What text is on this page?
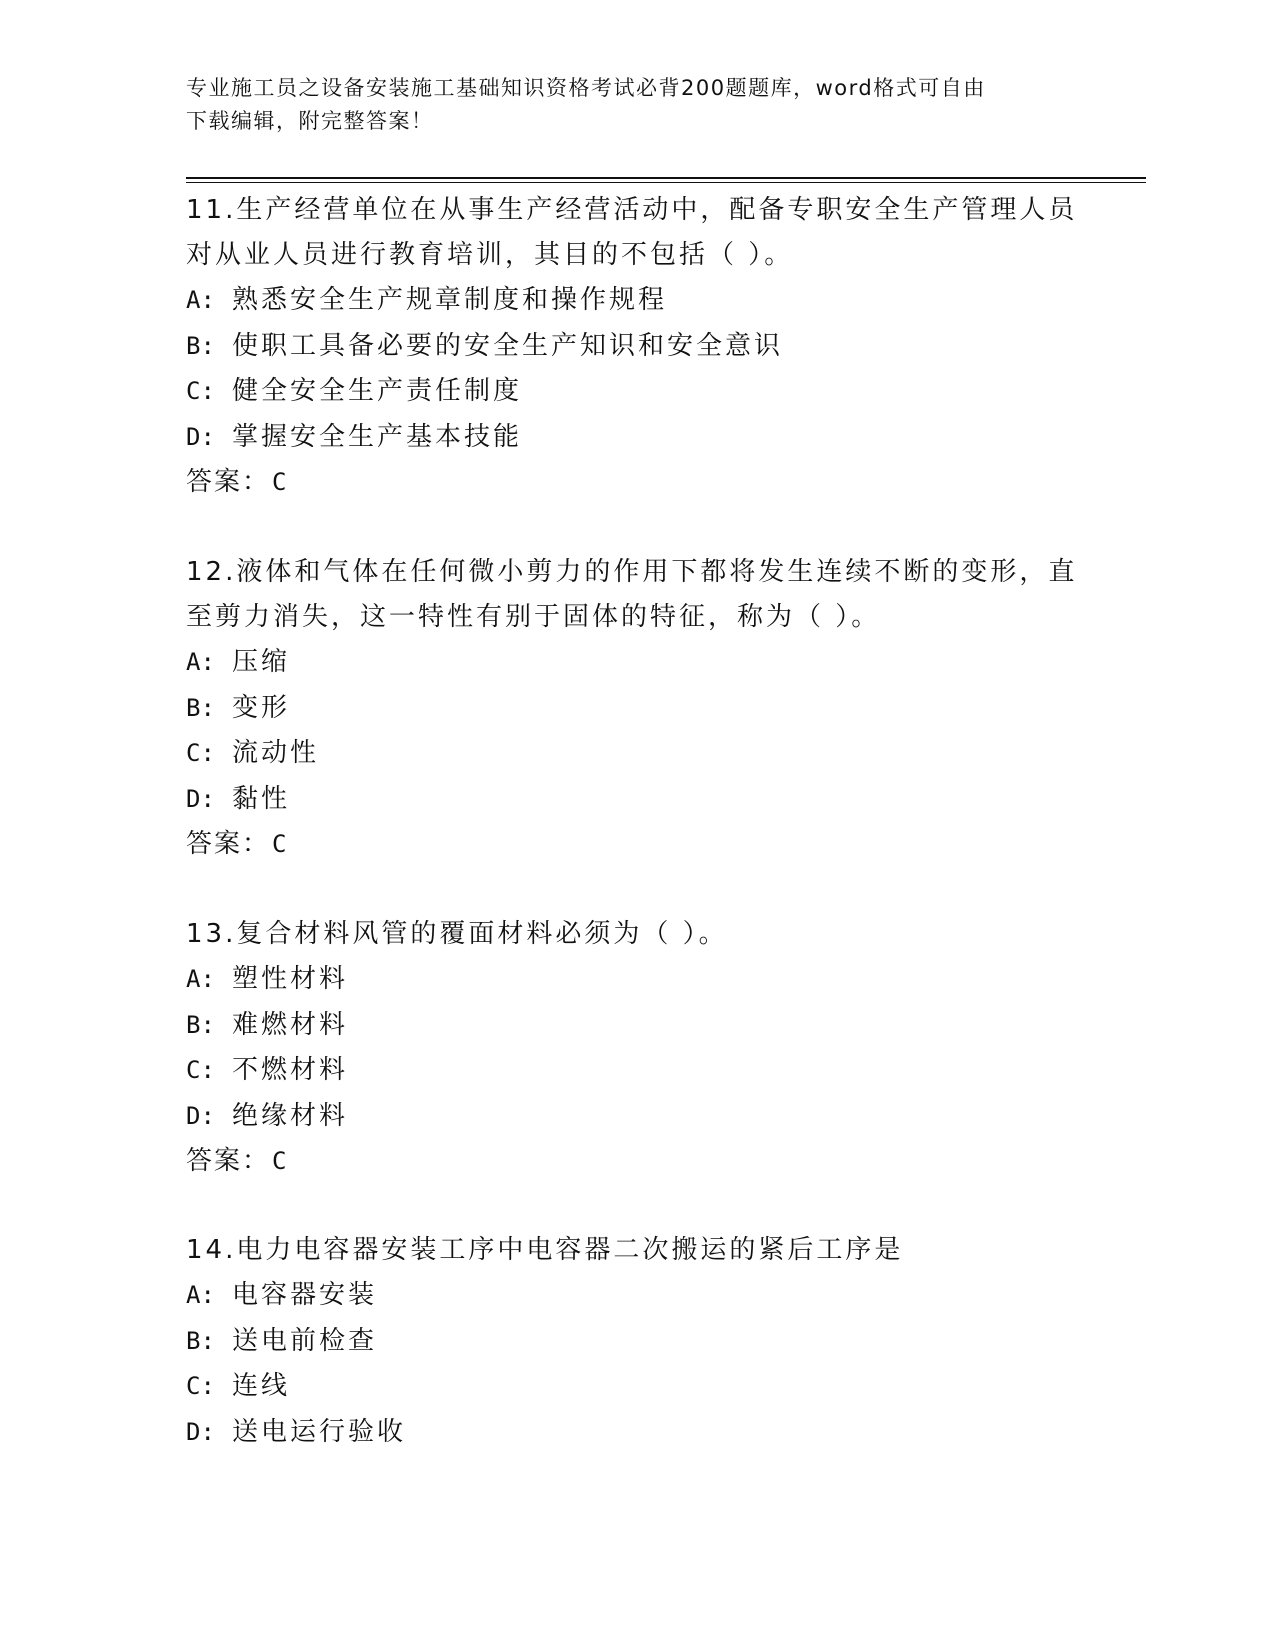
专业施工员之设备安装施工基础知识资格考试必背200题题库，word格式可自由
下载编辑，附完整答案！
11.生产经营单位在从事生产经营活动中，配备专职安全生产管理人员
对从业人员进行教育培训，其目的不包括（ ）。
A: 熟悉安全生产规章制度和操作规程
B: 使职工具备必要的安全生产知识和安全意识
C: 健全安全生产责任制度
D: 掌握安全生产基本技能
答案： C
12.液体和气体在任何微小剪力的作用下都将发生连续不断的变形，直
至剪力消失，这一特性有别于固体的特征，称为（ ）。
A: 压缩
B: 变形
C: 流动性
D: 黏性
答案： C
13.复合材料风管的覆面材料必须为（ ）。
A: 塑性材料
B: 难燃材料
C: 不燃材料
D: 绝缘材料
答案： C
14.电力电容器安装工序中电容器二次搬运的紧后工序是
A: 电容器安装
B: 送电前检查
C: 连线
D: 送电运行验收
